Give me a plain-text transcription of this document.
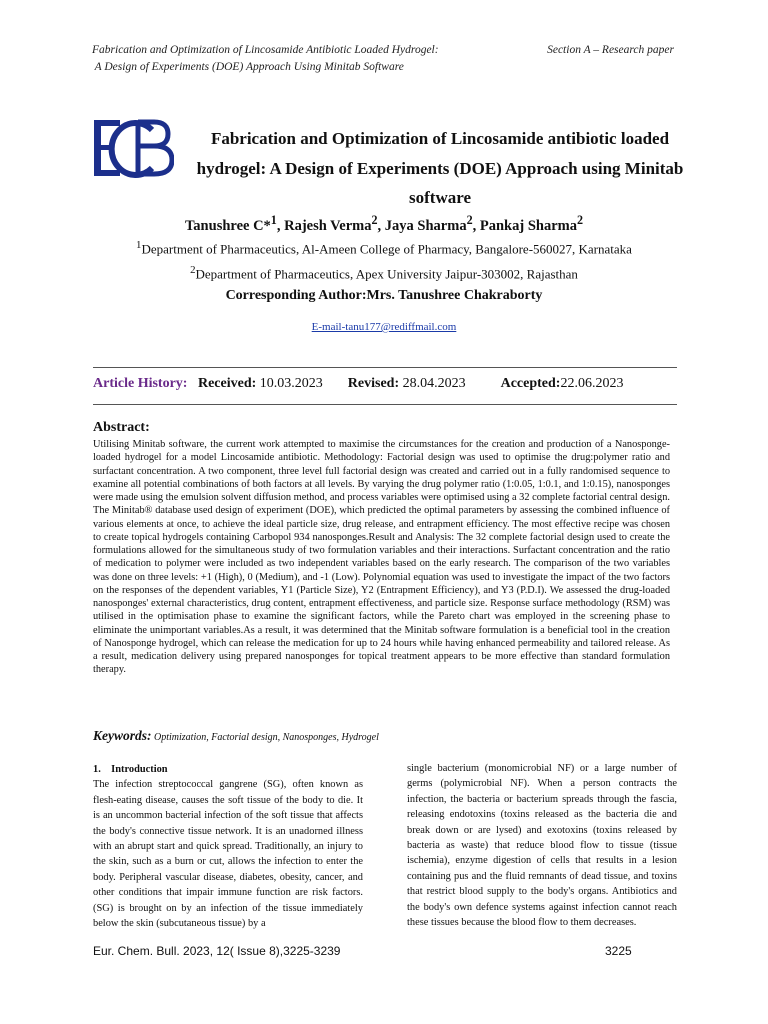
Fabrication and Optimization of Lincosamide Antibiotic Loaded Hydrogel:
A Design of Experiments (DOE) Approach Using Minitab Software
Section A – Research paper
Fabrication and Optimization of Lincosamide antibiotic loaded hydrogel: A Design of Experiments (DOE) Approach using Minitab software
Tanushree C*$^1$, Rajesh Verma$^2$, Jaya Sharma$^2$, Pankaj Sharma$^2$
$^1$Department of Pharmaceutics, Al-Ameen College of Pharmacy, Bangalore-560027, Karnataka
$^2$Department of Pharmaceutics, Apex University Jaipur-303002, Rajasthan
Corresponding Author:Mrs. Tanushree Chakraborty
E-mail-tanu177@rediffmail.com
Article History: Received: 10.03.2023 Revised: 28.04.2023	Accepted:22.06.2023
Abstract:
Utilising Minitab software, the current work attempted to maximise the circumstances for the creation and production of a Nanosponge-loaded hydrogel for a model Lincosamide antibiotic. Methodology: Factorial design was used to optimise the drug:polymer ratio and surfactant concentration. A two component, three level full factorial design was created and carried out in a fully randomised sequence to examine all potential combinations of both factors at all levels. By varying the drug polymer ratio (1:0.05, 1:0.1, and 1:0.15), nanosponges were made using the emulsion solvent diffusion method, and process variables were optimised using a 32 complete factorial central design. The Minitab® database used design of experiment (DOE), which predicted the optimal parameters by assessing the combined influence of various elements at once, to achieve the ideal particle size, drug release, and entrapment efficiency. The most effective recipe was chosen to create topical hydrogels containing Carbopol 934 nanosponges.Result and Analysis: The 32 complete factorial design used to create the formulations allowed for the simultaneous study of two formulation variables and their interactions. Surfactant concentration and the ratio of medication to polymer were included as two independent variables based on the early research. The comparison of the two variables was done on three levels: +1 (High), 0 (Medium), and -1 (Low). Polynomial equation was used to investigate the impact of the two factors on the responses of the dependent variables, Y1 (Particle Size), Y2 (Entrapment Efficiency), and Y3 (P.D.I). We assessed the drug-loaded nanosponges' external characteristics, drug content, entrapment effectiveness, and particle size. Response surface methodology (RSM) was utilised in the optimisation phase to examine the significant factors, while the Pareto chart was employed in the screening phase to eliminate the unimportant variables.As a result, it was determined that the Minitab software formulation is a beneficial tool in the creation of Nanosponge hydrogel, which can release the medication for up to 24 hours while having enhanced permeability and tailored release. As a result, medication delivery using prepared nanosponges for topical treatment appears to be more effective than standard formulation therapy.
Keywords: Optimization, Factorial design, Nanosponges, Hydrogel

1.    Introduction

The infection streptococcal gangrene (SG), often known as flesh-eating disease, causes the soft tissue of the body to die. It is an uncommon bacterial infection of the soft tissue that affects the body's connective tissue network. It is an unadorned illness with an abrupt start and quick spread. Traditionally, an injury to the skin, such as a burn or cut, allows the infection to enter the body. Peripheral vascular disease, diabetes, obesity, cancer, and other conditions that impair immune function are risk factors. (SG) is brought on by an infection of the tissue immediately below the skin (subcutaneous tissue) by a

single bacterium (monomicrobial NF) or a large number of germs (polymicrobial NF). When a person contracts the infection, the bacteria or bacterium spreads through the fascia, releasing endotoxins (toxins released as the bacteria die and break down or are lysed) and exotoxins (toxins released by bacteria as waste) that reduce blood flow to tissue (tissue ischemia), enzyme digestion of cells that results in a lesion containing pus and the fluid remnants of dead tissue, and toxins that restrict blood supply to the body's organs. Antibiotics and the body's own defence systems against infection cannot reach these tissues because the blood flow to them decreases.

Eur. Chem. Bull. 2023, 12( Issue 8),3225-3239	3225
